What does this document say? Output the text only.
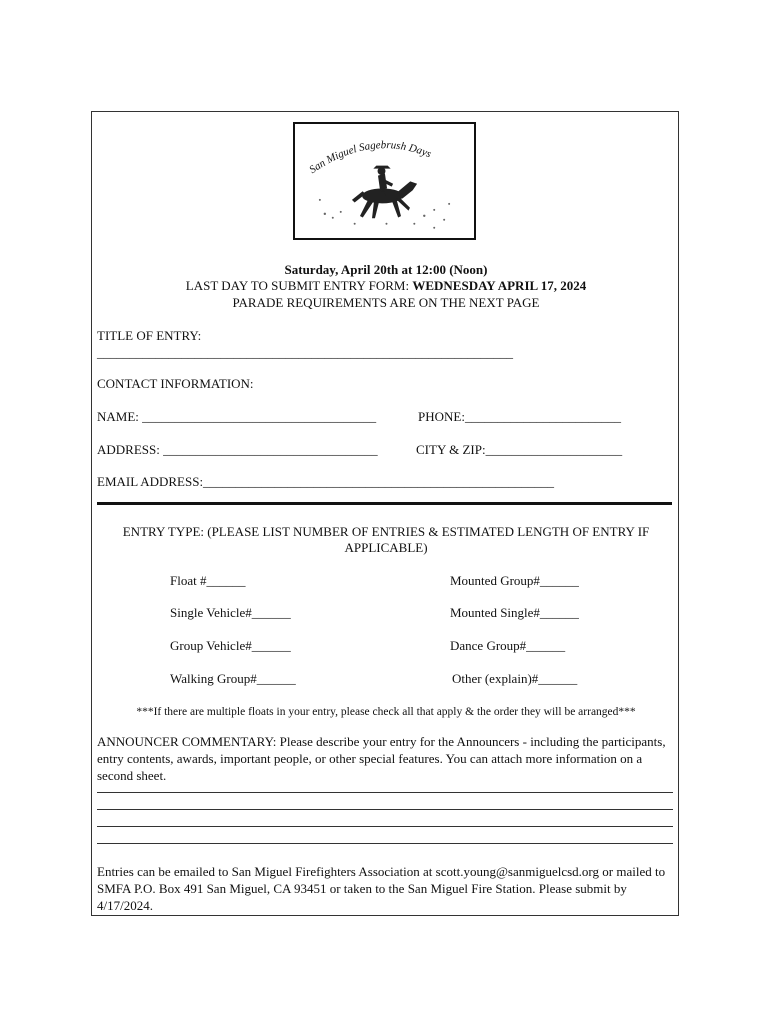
San Miguel Sagebrush Days
Saturday, April 20th at 12:00 (Noon)
LAST DAY TO SUBMIT ENTRY FORM: WEDNESDAY APRIL 17, 2024
PARADE REQUIREMENTS ARE ON THE NEXT PAGE
TITLE OF ENTRY:
________________________________________________________________
CONTACT INFORMATION:
NAME: ____________________________________	PHONE:________________________
ADDRESS: _________________________________	CITY & ZIP:_____________________
EMAIL ADDRESS:______________________________________________________
ENTRY TYPE: (PLEASE LIST NUMBER OF ENTRIES & ESTIMATED LENGTH OF ENTRY IF APPLICABLE)
Float #______	Mounted Group#______
Single Vehicle#______	Mounted Single#______
Group Vehicle#______	Dance Group#______
Walking Group#______	Other (explain)#______
***If there are multiple floats in your entry, please check all that apply & the order they will be arranged***
ANNOUNCER COMMENTARY: Please describe your entry for the Announcers - including the participants, entry contents, awards, important people, or other special features. You can attach more information on a second sheet.
Entries can be emailed to San Miguel Firefighters Association at scott.young@sanmiguelcsd.org or mailed to SMFA P.O. Box 491 San Miguel, CA 93451 or taken to the San Miguel Fire Station. Please submit by 4/17/2024.
